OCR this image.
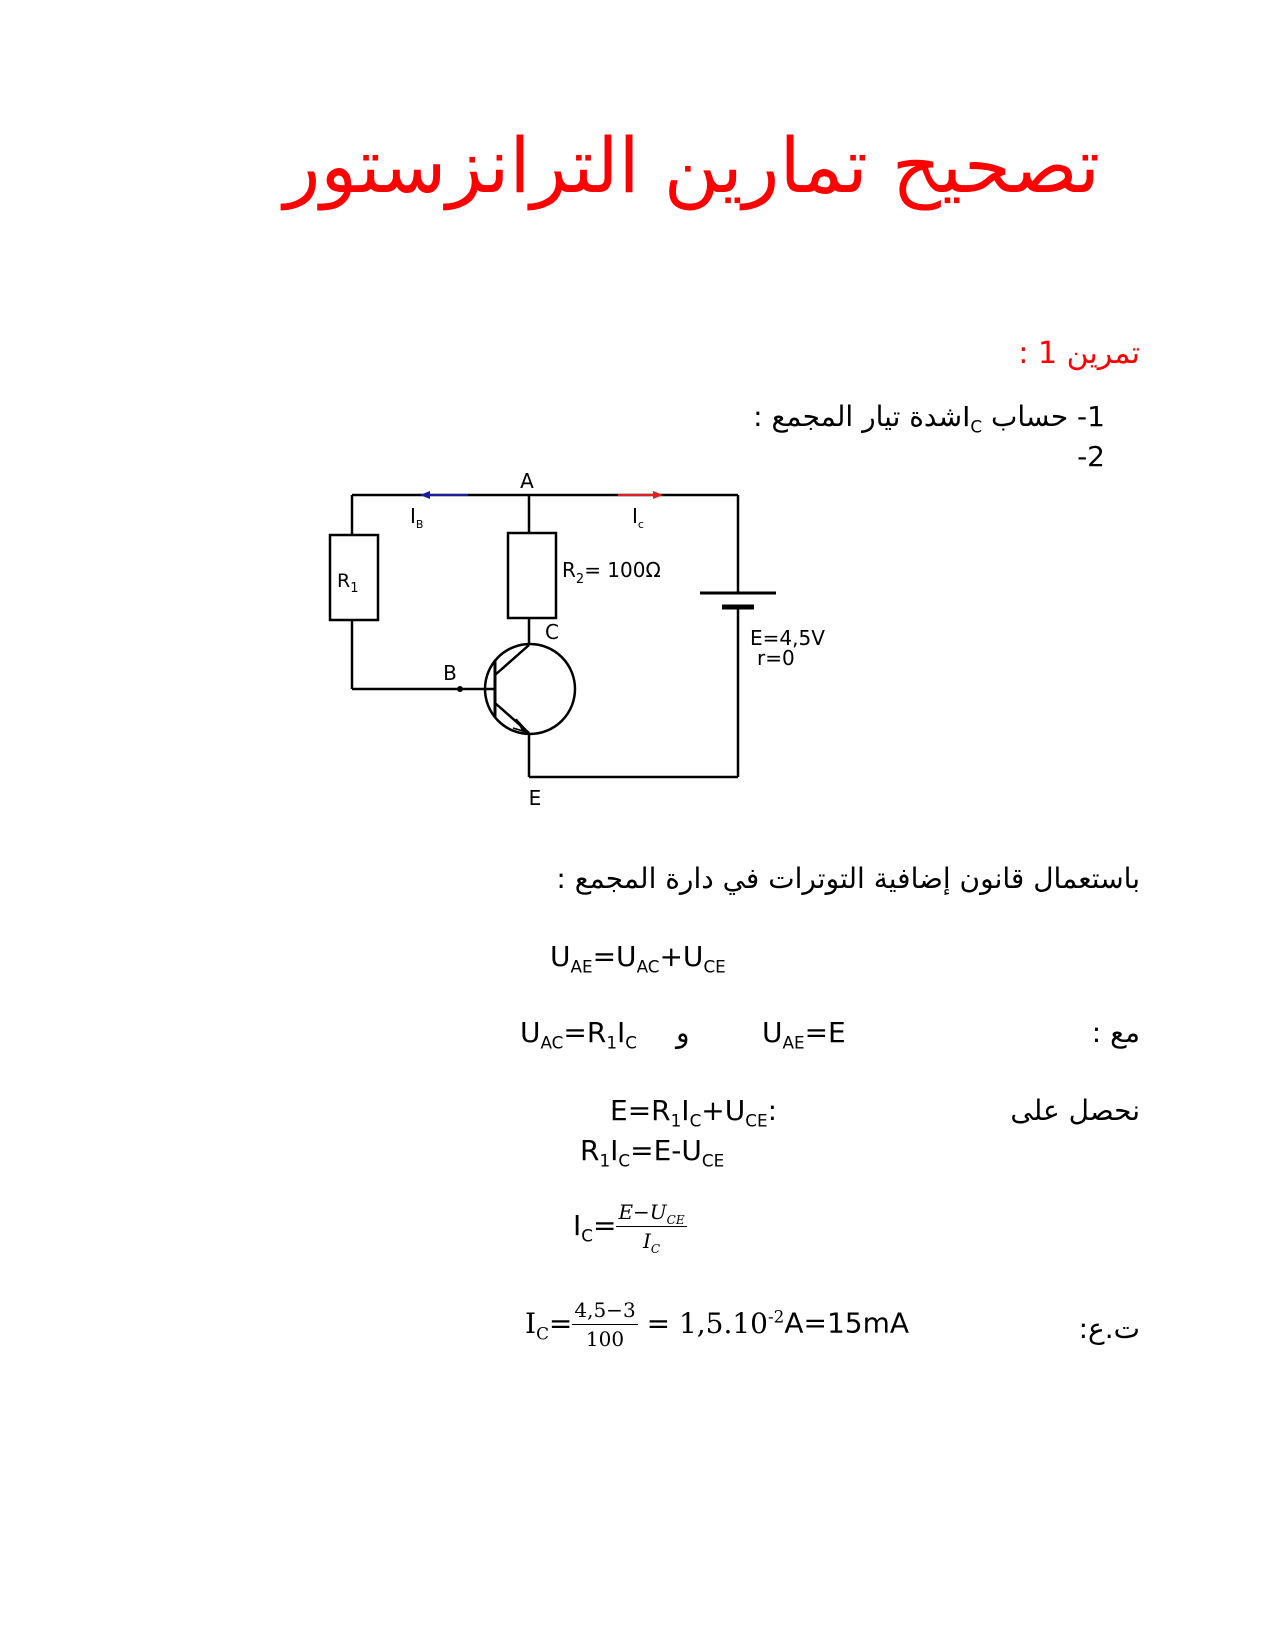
تصحيح تمارين الترانزستور
تمرين 1 :
1- حساب $I_Cشدة$ تيار المجمع :
2-
A
B
C
E
$I_B$	$I_c$
$R_1$
$R_2= 100\Omega$
E=4,5V
r=0
باستعمال قانون إضافية التوترات في دارة المجمع :
$U_{AE}=U_{AC}+U_{CE}$
مع :
$U_{AE}=E$
و
$U_{AC}=R_1I_C$
نحصل على
$E=R_1I_C+U_{CE}$:
$R_1I_C=E-U_{CE}$
$I_C= \frac{E-U_{CE}}{I_C}$
ت.ع:
$I_C= \frac{4,5-3}{100} = 1,5.10^{-2}A=15mA$
